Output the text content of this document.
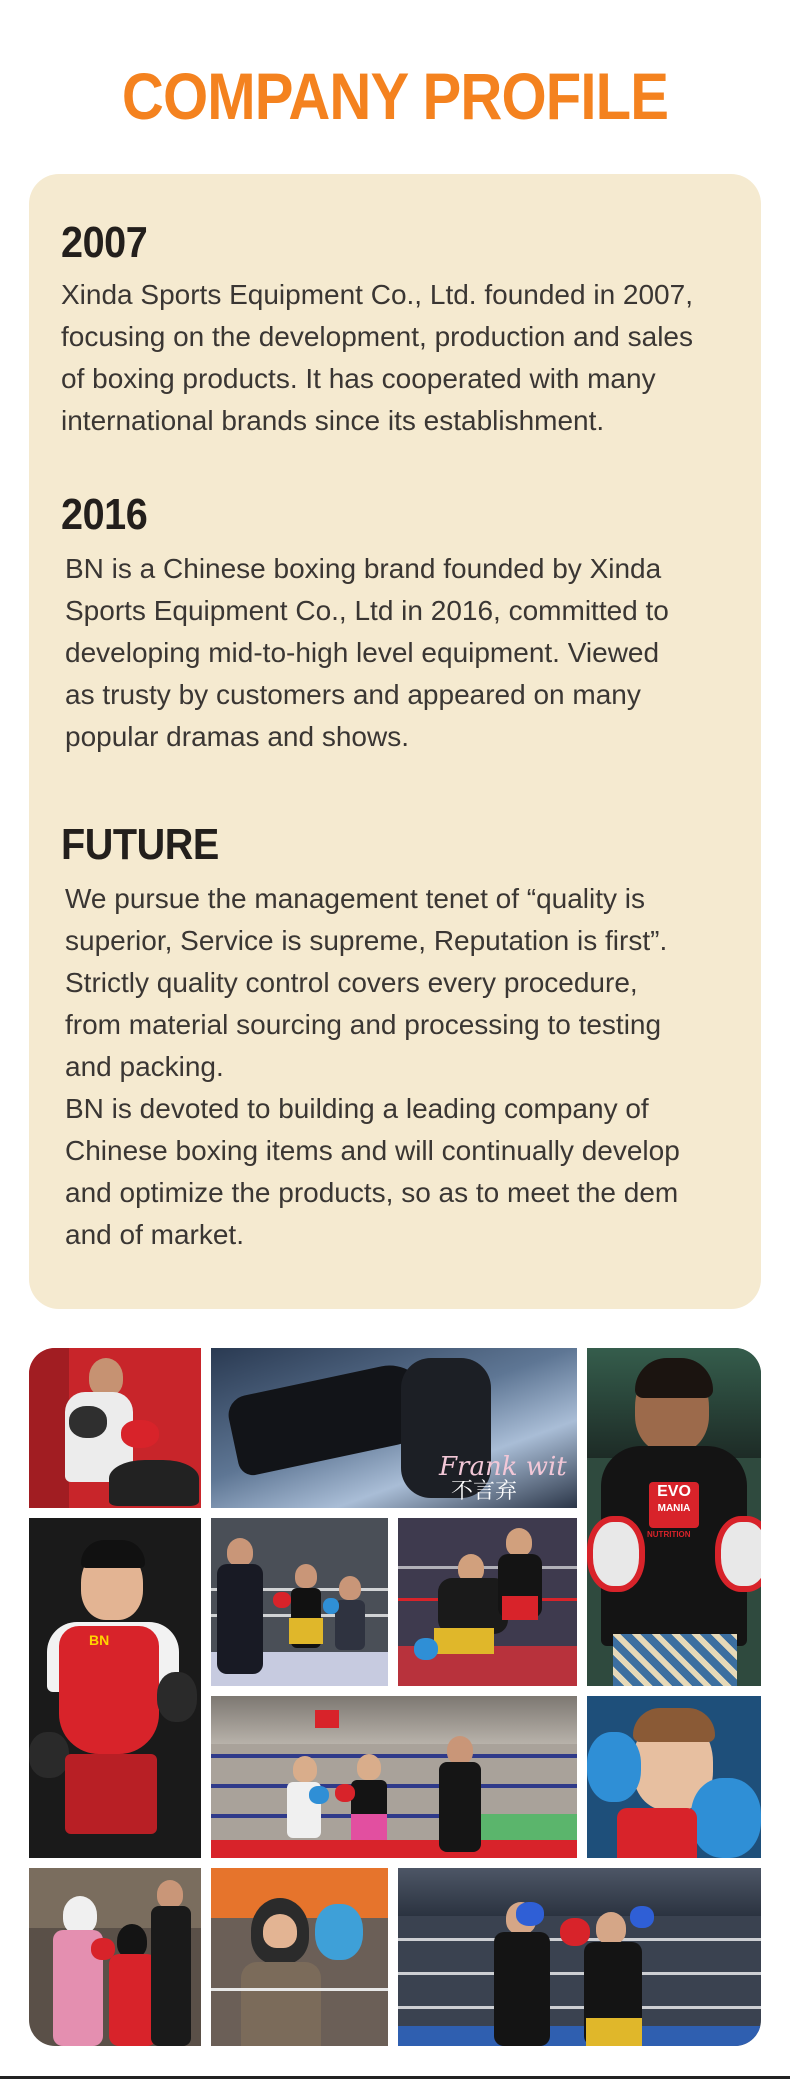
COMPANY PROFILE
2007

Xinda Sports Equipment Co., Ltd. founded in 2007,
focusing on the development, production and sales
of boxing products. It has cooperated with many
international brands since its establishment.

2016

BN is a Chinese boxing brand founded by Xinda
Sports Equipment Co., Ltd in 2016, committed to
developing mid-to-high level equipment. Viewed
as trusty by customers and appeared on many
popular dramas and shows.

FUTURE

We pursue the management tenet of “quality is
superior, Service is supreme, Reputation is first”.
Strictly quality control covers every procedure,
from material sourcing and processing to testing
and packing.
BN is devoted to building a leading company of
Chinese boxing items and will continually develop
and optimize the products, so as to meet the dem
and of market.

Frank wit
不言弃	EVO
MANIA
NUTRITION
BN
